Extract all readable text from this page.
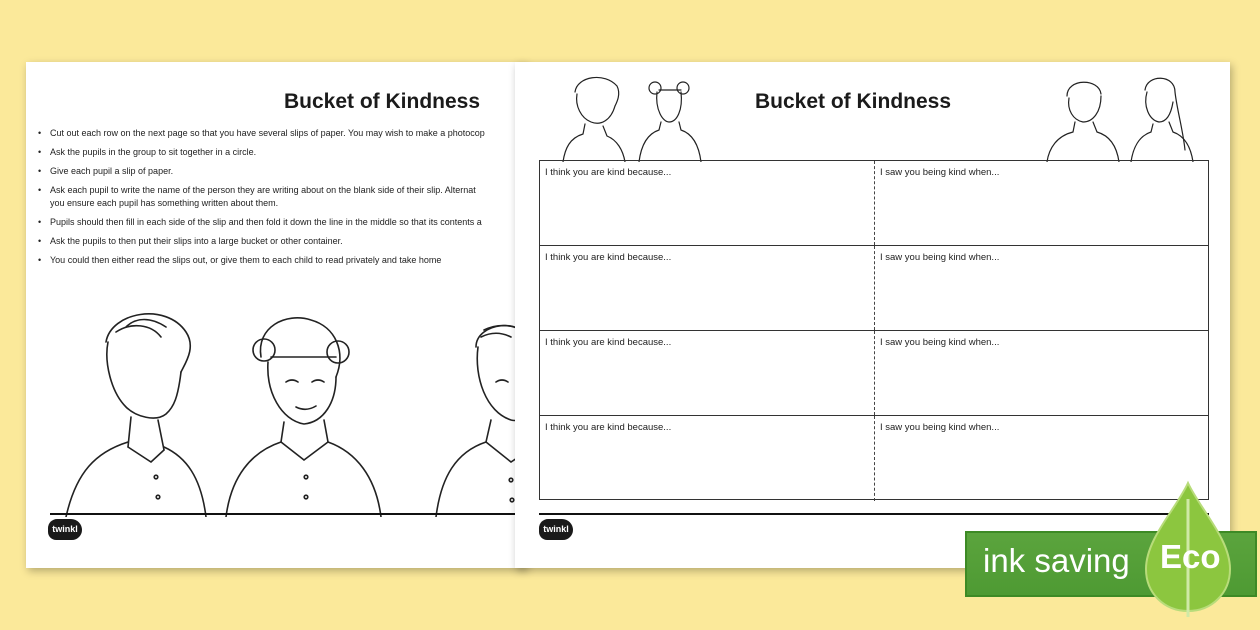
Bucket of Kindness
• Cut out each row on the next page so that you have several slips of paper. You may wish to make a photocop
• Ask the pupils in the group to sit together in a circle.
• Give each pupil a slip of paper.
• Ask each pupil to write the name of the person they are writing about on the blank side of their slip. Alternat
you ensure each pupil has something written about them.
• Pupils should then fill in each side of the slip and then fold it down the line in the middle so that its contents a
• Ask the pupils to then put their slips into a large bucket or other container.
• You could then either read the slips out, or give them to each child to read privately and take home
twinkl
Bucket of Kindness
I think you are kind because...	I saw you being kind when...
I think you are kind because...	I saw you being kind when...
I think you are kind because...	I saw you being kind when...
I think you are kind because...	I saw you being kind when...
twinkl
ink saving Eco
